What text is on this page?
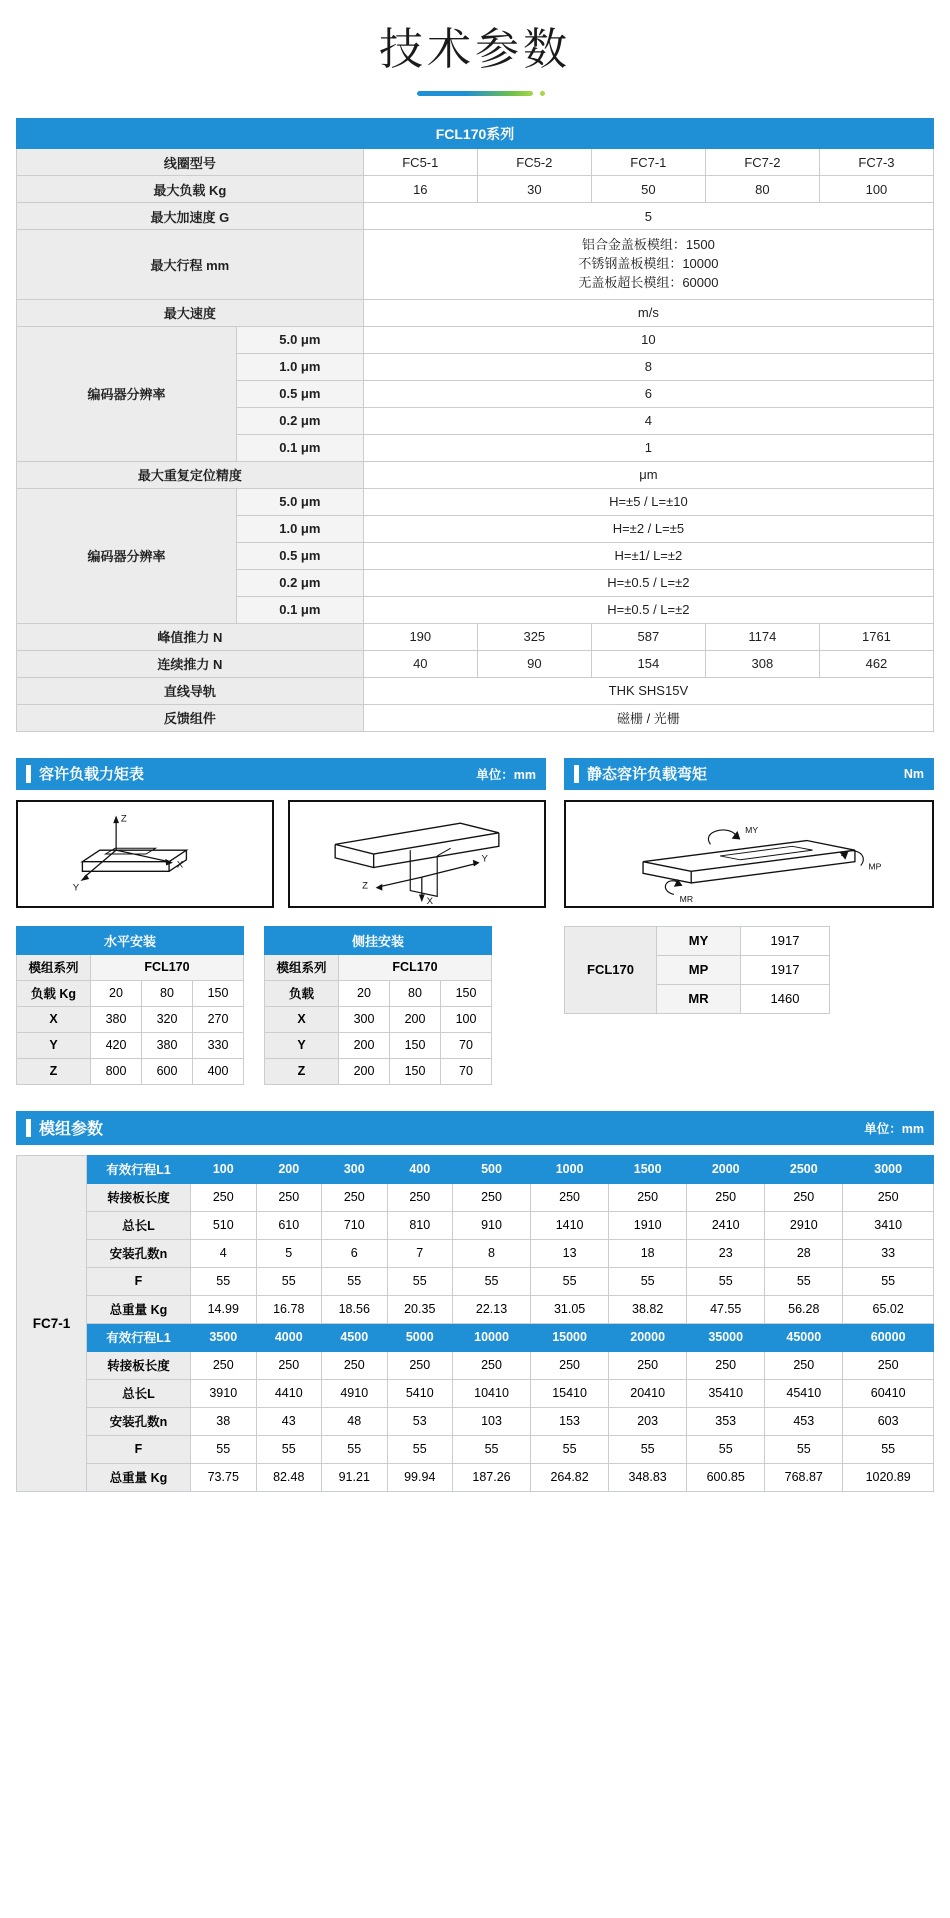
技术参数
FCL170系列						
线圈型号		FC5-1	FC5-2	FC7-1	FC7-2	FC7-3
最大负载 Kg		16	30	50	80	100
最大加速度 G		5				
最大行程 mm		铝合金盖板模组：1500
不锈钢盖板模组：10000
无盖板超长模组：60000				

最大速度		m/s				
编码器分辨率	5.0 μm	10				
	1.0 μm	8				
	0.5 μm	6				
	0.2 μm	4				
	0.1 μm	1				
最大重复定位精度		μm				
编码器分辨率	5.0 μm	H=±5 / L=±10				
	1.0 μm	H=±2 / L=±5				
	0.5 μm	H=±1/ L=±2				
	0.2 μm	H=±0.5 / L=±2				
	0.1 μm	H=±0.5 / L=±2				
峰值推力 N		190	325	587	1174	1761
连续推力 N		40	90	154	308	462
直线导轨		THK SHS15V				
反馈组件		磁栅 / 光栅				
容许负载力矩表	单位：mm
Z
X
Y
Y
X
Z
水平安装			
模组系列	FCL170		
负载 Kg	20	80	150
X	380	320	270
Y	420	380	330
Z	800	600	400
侧挂安装			
模组系列	FCL170		
负载	20	80	150
X	300	200	100
Y	200	150	70
Z	200	150	70
静态容许负载弯矩	Nm
MY
MP
MR
FCL170	MY	1917
	MP	1917
	MR	1460
模组参数	单位：mm
FC7-1	有效行程L1	100	200	300	400	500	1000	1500	2000	2500	3000
	转接板长度	250	250	250	250	250	250	250	250	250	250
	总长L	510	610	710	810	910	1410	1910	2410	2910	3410
	安装孔数n	4	5	6	7	8	13	18	23	28	33
	F	55	55	55	55	55	55	55	55	55	55
	总重量 Kg	14.99	16.78	18.56	20.35	22.13	31.05	38.82	47.55	56.28	65.02
	有效行程L1	3500	4000	4500	5000	10000	15000	20000	35000	45000	60000
	转接板长度	250	250	250	250	250	250	250	250	250	250
	总长L	3910	4410	4910	5410	10410	15410	20410	35410	45410	60410
	安装孔数n	38	43	48	53	103	153	203	353	453	603
	F	55	55	55	55	55	55	55	55	55	55
	总重量 Kg	73.75	82.48	91.21	99.94	187.26	264.82	348.83	600.85	768.87	1020.89
